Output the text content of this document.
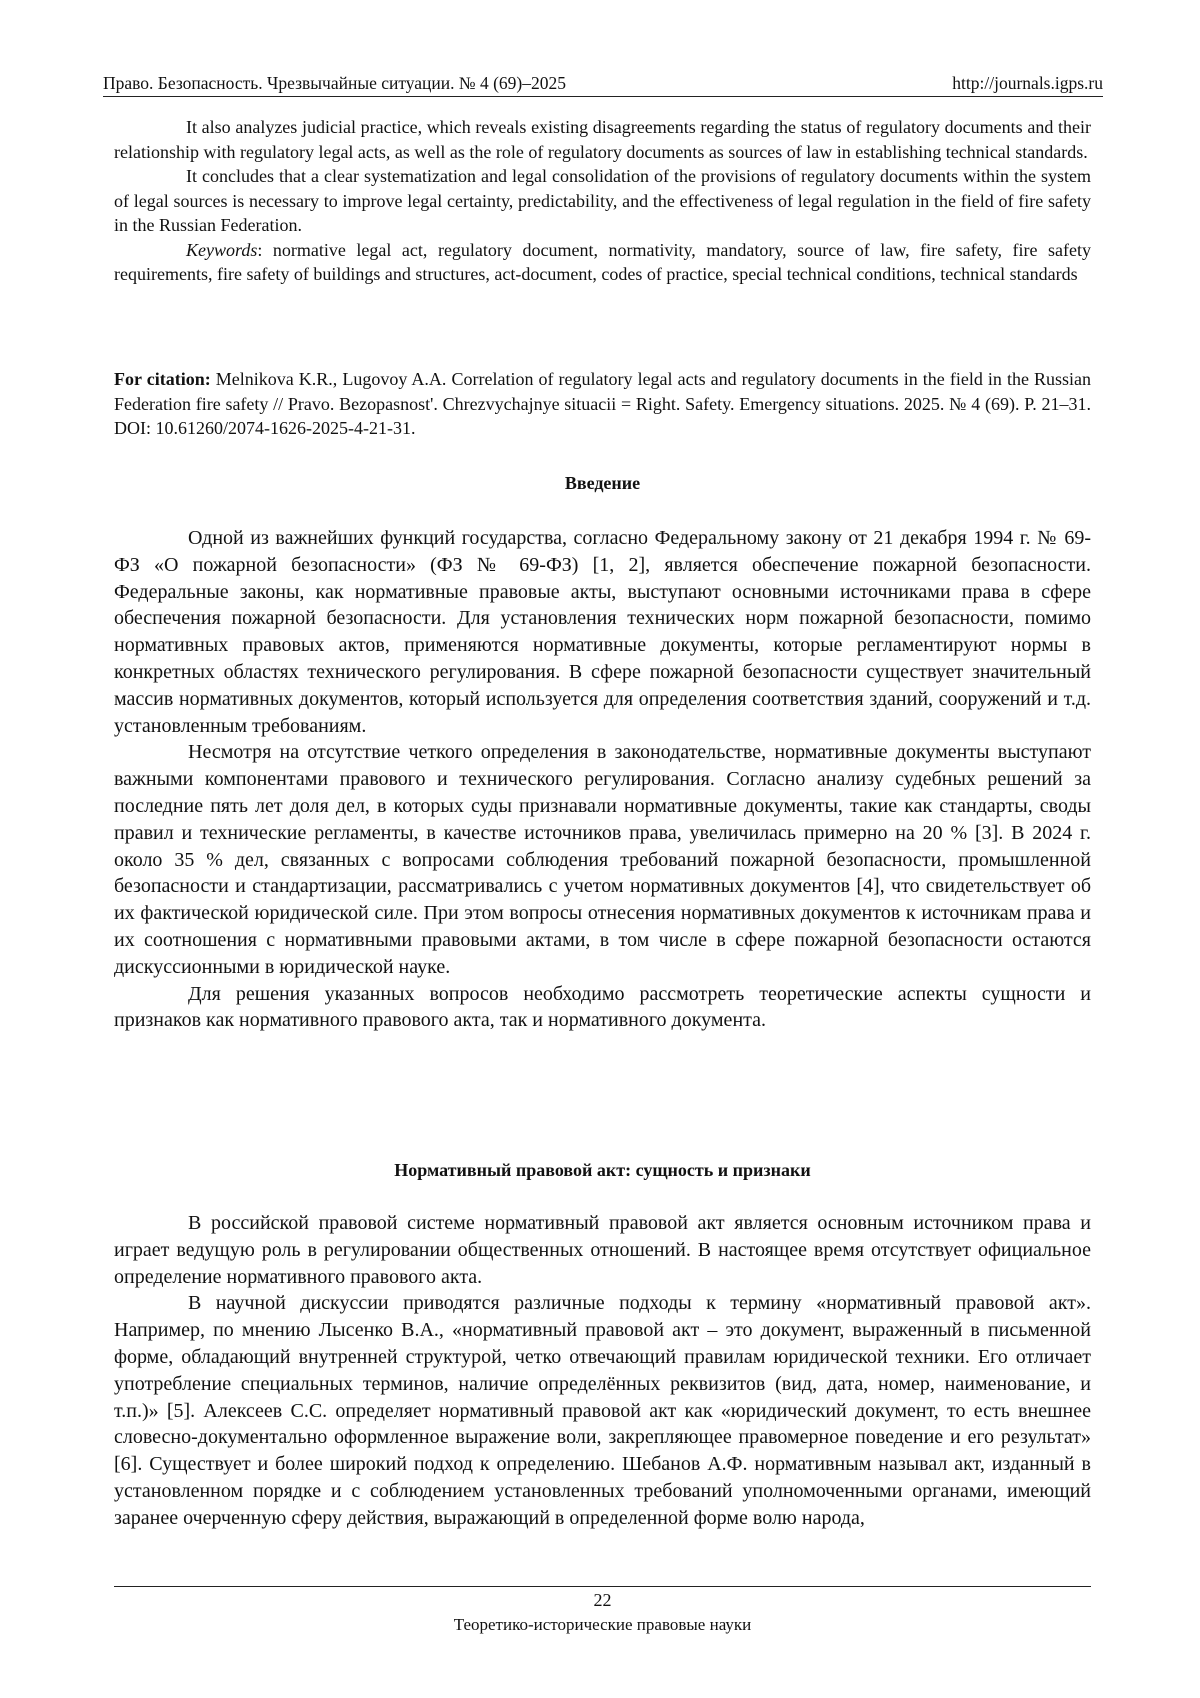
Право. Безопасность. Чрезвычайные ситуации. № 4 (69)–2025	http://journals.igps.ru

It also analyzes judicial practice, which reveals existing disagreements regarding the status of regulatory documents and their relationship with regulatory legal acts, as well as the role of regulatory documents as sources of law in establishing technical standards.

It concludes that a clear systematization and legal consolidation of the provisions of regulatory documents within the system of legal sources is necessary to improve legal certainty, predictability, and the effectiveness of legal regulation in the field of fire safety in the Russian Federation.

Keywords: normative legal act, regulatory document, normativity, mandatory, source of law, fire safety, fire safety requirements, fire safety of buildings and structures, act-document, codes of practice, special technical conditions, technical standards

For citation: Melnikova K.R., Lugovoy A.A. Correlation of regulatory legal acts and regulatory documents in the field in the Russian Federation fire safety // Pravo. Bezopasnost'. Chrezvychajnye situacii = Right. Safety. Emergency situations. 2025. № 4 (69). P. 21–31. DOI: 10.61260/2074-1626-2025-4-21-31.

Введение

Одной из важнейших функций государства, согласно Федеральному закону от 21 декабря 1994 г. № 69-ФЗ «О пожарной безопасности» (ФЗ № 69-ФЗ) [1, 2], является обеспечение пожарной безопасности. Федеральные законы, как нормативные правовые акты, выступают основными источниками права в сфере обеспечения пожарной безопасности. Для установления технических норм пожарной безопасности, помимо нормативных правовых актов, применяются нормативные документы, которые регламентируют нормы в конкретных областях технического регулирования. В сфере пожарной безопасности существует значительный массив нормативных документов, который используется для определения соответствия зданий, сооружений и т.д. установленным требованиям.

Несмотря на отсутствие четкого определения в законодательстве, нормативные документы выступают важными компонентами правового и технического регулирования. Согласно анализу судебных решений за последние пять лет доля дел, в которых суды признавали нормативные документы, такие как стандарты, своды правил и технические регламенты, в качестве источников права, увеличилась примерно на 20 % [3]. В 2024 г. около 35 % дел, связанных с вопросами соблюдения требований пожарной безопасности, промышленной безопасности и стандартизации, рассматривались с учетом нормативных документов [4], что свидетельствует об их фактической юридической силе. При этом вопросы отнесения нормативных документов к источникам права и их соотношения с нормативными правовыми актами, в том числе в сфере пожарной безопасности остаются дискуссионными в юридической науке.

Для решения указанных вопросов необходимо рассмотреть теоретические аспекты сущности и признаков как нормативного правового акта, так и нормативного документа.

Нормативный правовой акт: сущность и признаки

В российской правовой системе нормативный правовой акт является основным источником права и играет ведущую роль в регулировании общественных отношений. В настоящее время отсутствует официальное определение нормативного правового акта.

В научной дискуссии приводятся различные подходы к термину «нормативный правовой акт». Например, по мнению Лысенко В.А., «нормативный правовой акт – это документ, выраженный в письменной форме, обладающий внутренней структурой, четко отвечающий правилам юридической техники. Его отличает употребление специальных терминов, наличие определённых реквизитов (вид, дата, номер, наименование, и т.п.)» [5]. Алексеев С.С. определяет нормативный правовой акт как «юридический документ, то есть внешнее словесно-документально оформленное выражение воли, закрепляющее правомерное поведение и его результат» [6]. Существует и более широкий подход к определению. Шебанов А.Ф. нормативным называл акт, изданный в установленном порядке и с соблюдением установленных требований уполномоченными органами, имеющий заранее очерченную сферу действия, выражающий в определенной форме волю народа,

22
Теоретико-исторические правовые науки
